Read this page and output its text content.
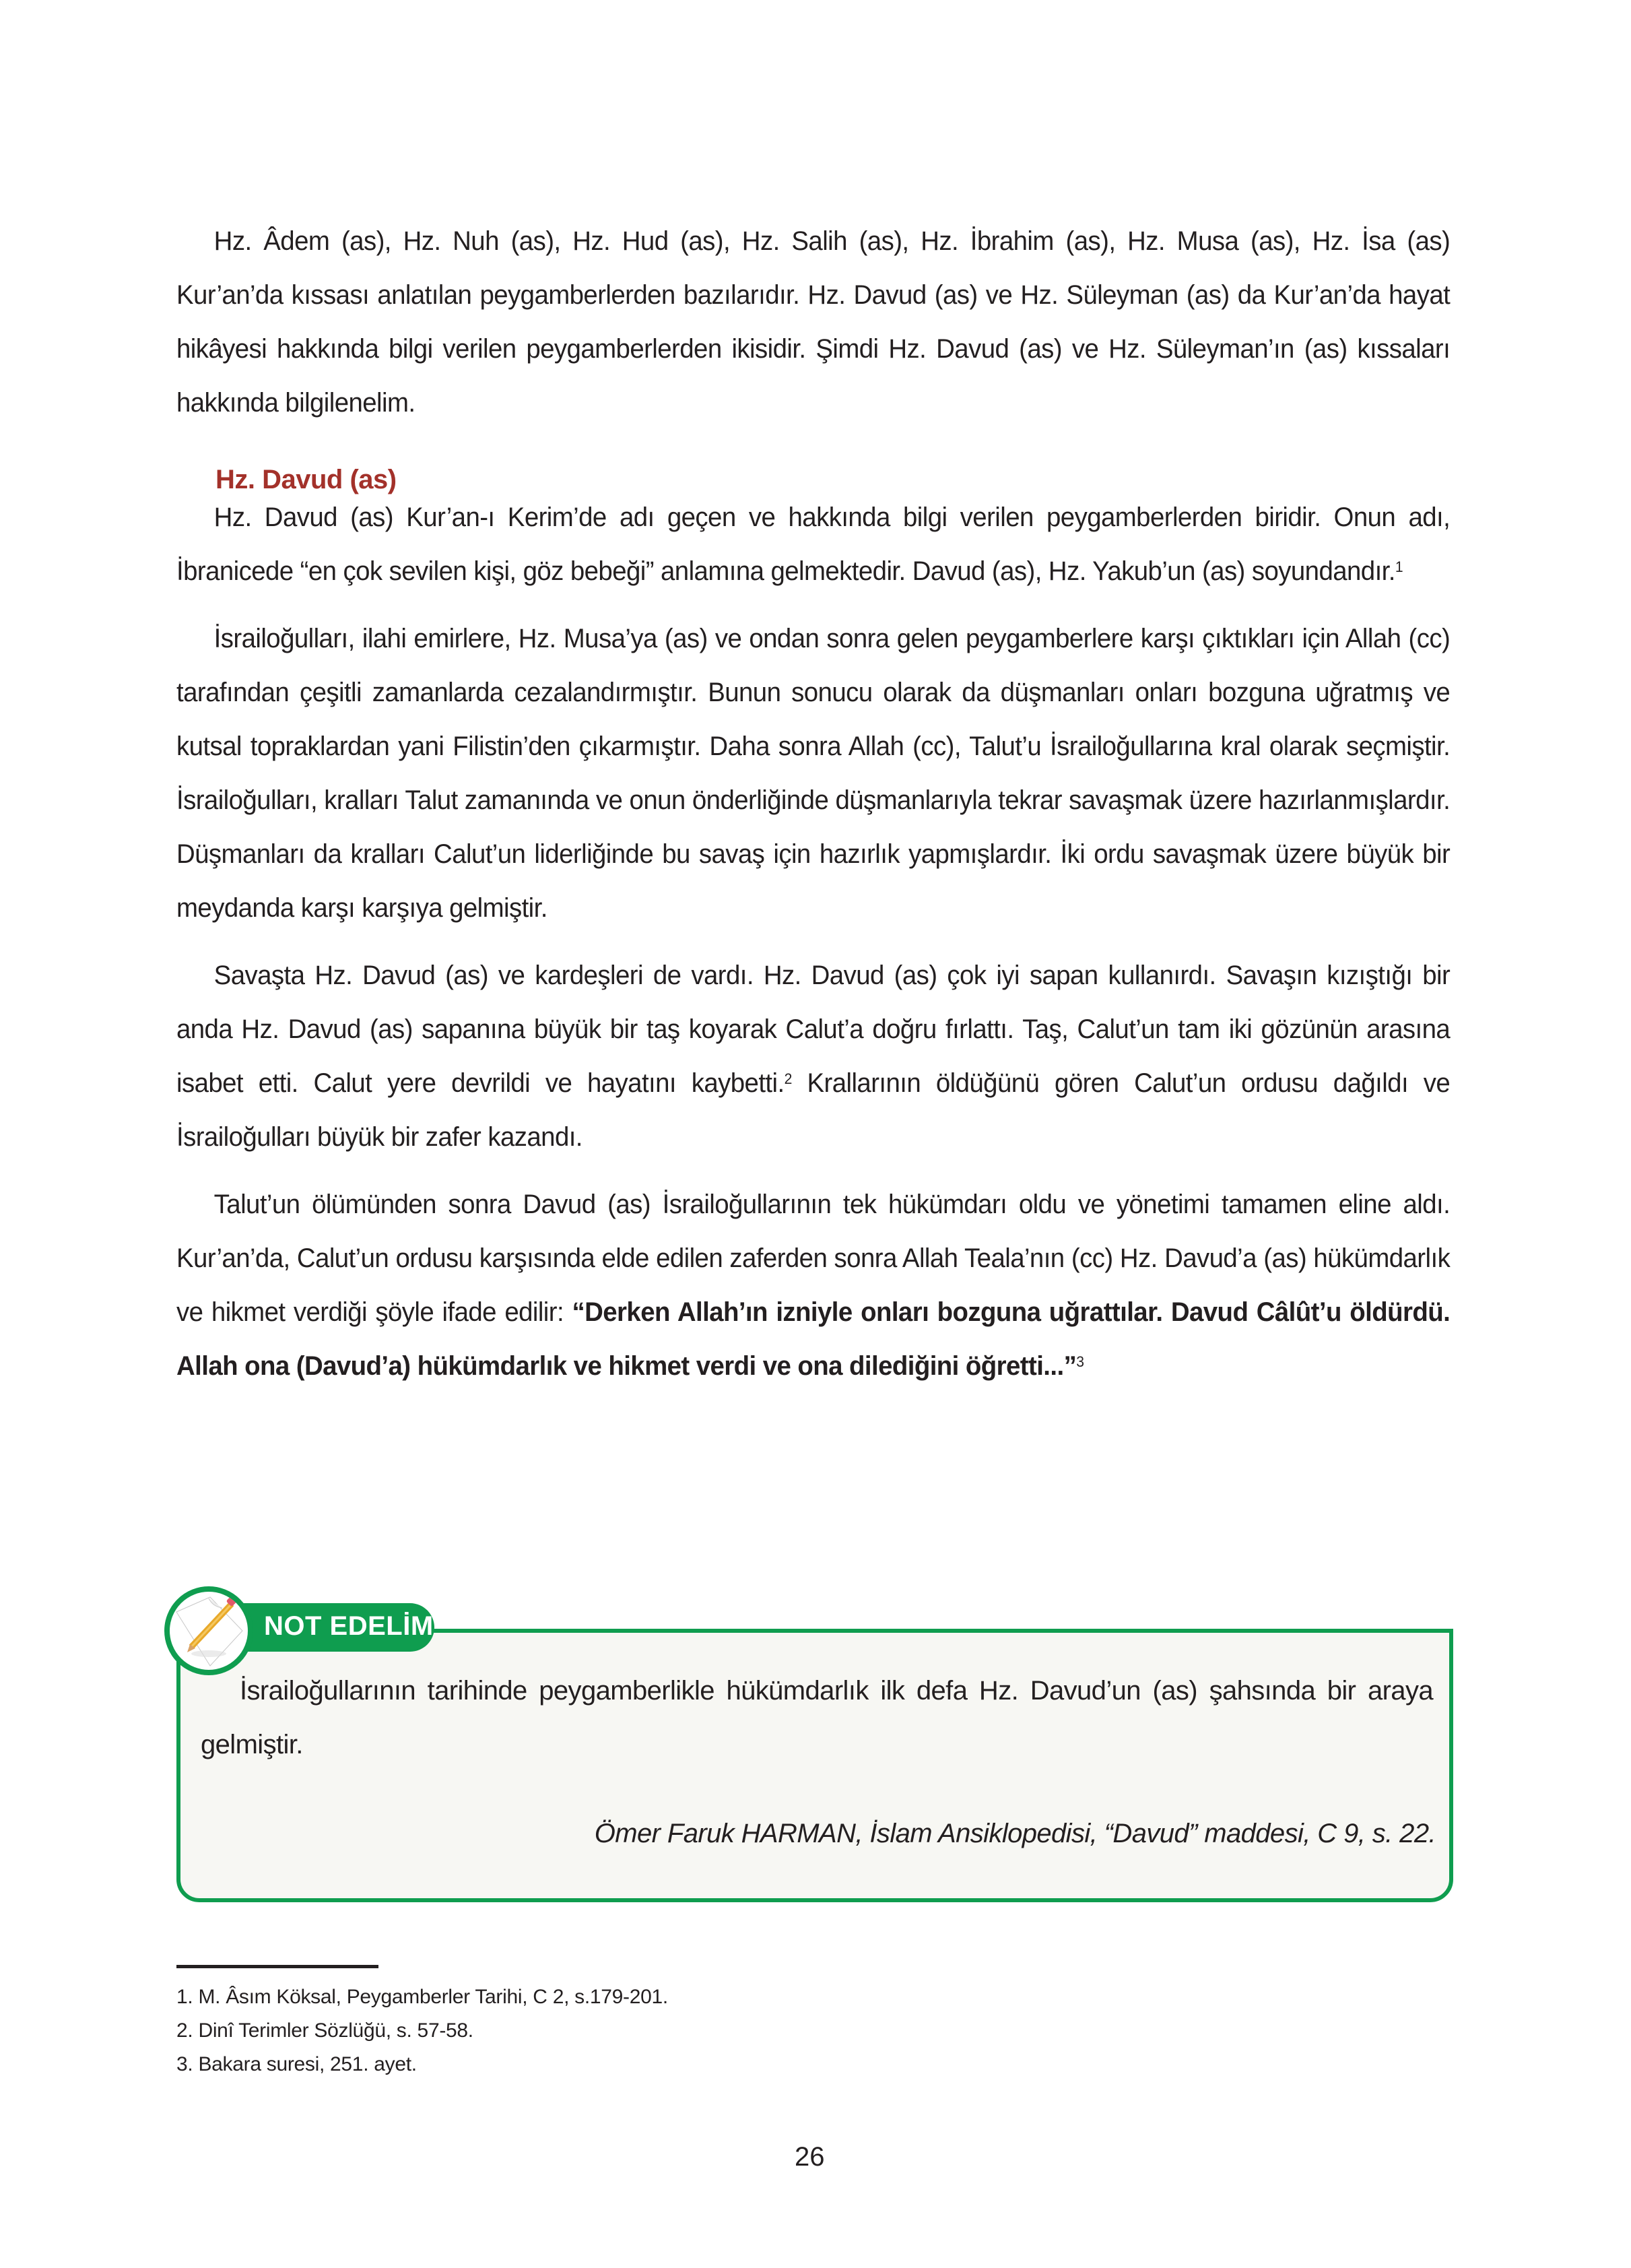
Hz. Âdem (as), Hz. Nuh (as), Hz. Hud (as), Hz. Salih (as), Hz. İbrahim (as), Hz. Musa (as), Hz. İsa (as) Kur’an’da kıssası anlatılan peygamberlerden bazılarıdır. Hz. Davud (as) ve Hz. Süleyman (as) da Kur’an’da hayat hikâyesi hakkında bilgi verilen peygamberlerden ikisidir. Şimdi Hz. Davud (as) ve Hz. Süleyman’ın (as) kıssaları hakkında bilgilenelim.

Hz. Davud (as)

Hz. Davud (as) Kur’an-ı Kerim’de adı geçen ve hakkında bilgi verilen peygamberlerden biridir. Onun adı, İbranicede “en çok sevilen kişi, göz bebeği” anlamına gelmektedir. Davud (as), Hz. Yakub’un (as) soyundandır.$^1$

İsrailoğulları, ilahi emirlere, Hz. Musa’ya (as) ve ondan sonra gelen peygamberlere karşı çıktıkları için Allah (cc) tarafından çeşitli zamanlarda cezalandırmıştır. Bunun sonucu olarak da düşmanları onları bozguna uğratmış ve kutsal topraklardan yani Filistin’den çıkarmıştır. Daha sonra Allah (cc), Talut’u İsrailoğullarına kral olarak seçmiştir. İsrailoğulları, kralları Talut zamanında ve onun önderliğinde düşmanlarıyla tekrar savaşmak üzere hazırlanmışlardır. Düşmanları da kralları Calut’un liderliğinde bu savaş için hazırlık yapmışlardır. İki ordu savaşmak üzere büyük bir meydanda karşı karşıya gelmiştir.

Savaşta Hz. Davud (as) ve kardeşleri de vardı. Hz. Davud (as) çok iyi sapan kullanırdı. Savaşın kızıştığı bir anda Hz. Davud (as) sapanına büyük bir taş koyarak Calut’a doğru fırlattı. Taş, Calut’un tam iki gözünün arasına isabet etti. Calut yere devrildi ve hayatını kaybetti.$^2$ Krallarının öldüğünü gören Calut’un ordusu dağıldı ve İsrailoğulları büyük bir zafer kazandı.

Talut’un ölümünden sonra Davud (as) İsrailoğullarının tek hükümdarı oldu ve yönetimi tamamen eline aldı. Kur’an’da, Calut’un ordusu karşısında elde edilen zaferden sonra Allah Teala’nın (cc) Hz. Davud’a (as) hükümdarlık ve hikmet verdiği şöyle ifade edilir: “Derken Allah’ın izniyle onları bozguna uğrattılar. Davud Câlût’u öldürdü. Allah ona (Davud’a) hükümdarlık ve hikmet verdi ve ona dilediğini öğretti...”$^3$

NOT EDELİM

İsrailoğullarının tarihinde peygamberlikle hükümdarlık ilk defa Hz. Davud’un (as) şahsında bir araya gelmiştir.

Ömer Faruk HARMAN, İslam Ansiklopedisi, “Davud” maddesi, C 9, s. 22.
1. M. Âsım Köksal, Peygamberler Tarihi, C 2, s.179-201.
2. Dinî Terimler Sözlüğü, s. 57-58.
3. Bakara suresi, 251. ayet.
26
